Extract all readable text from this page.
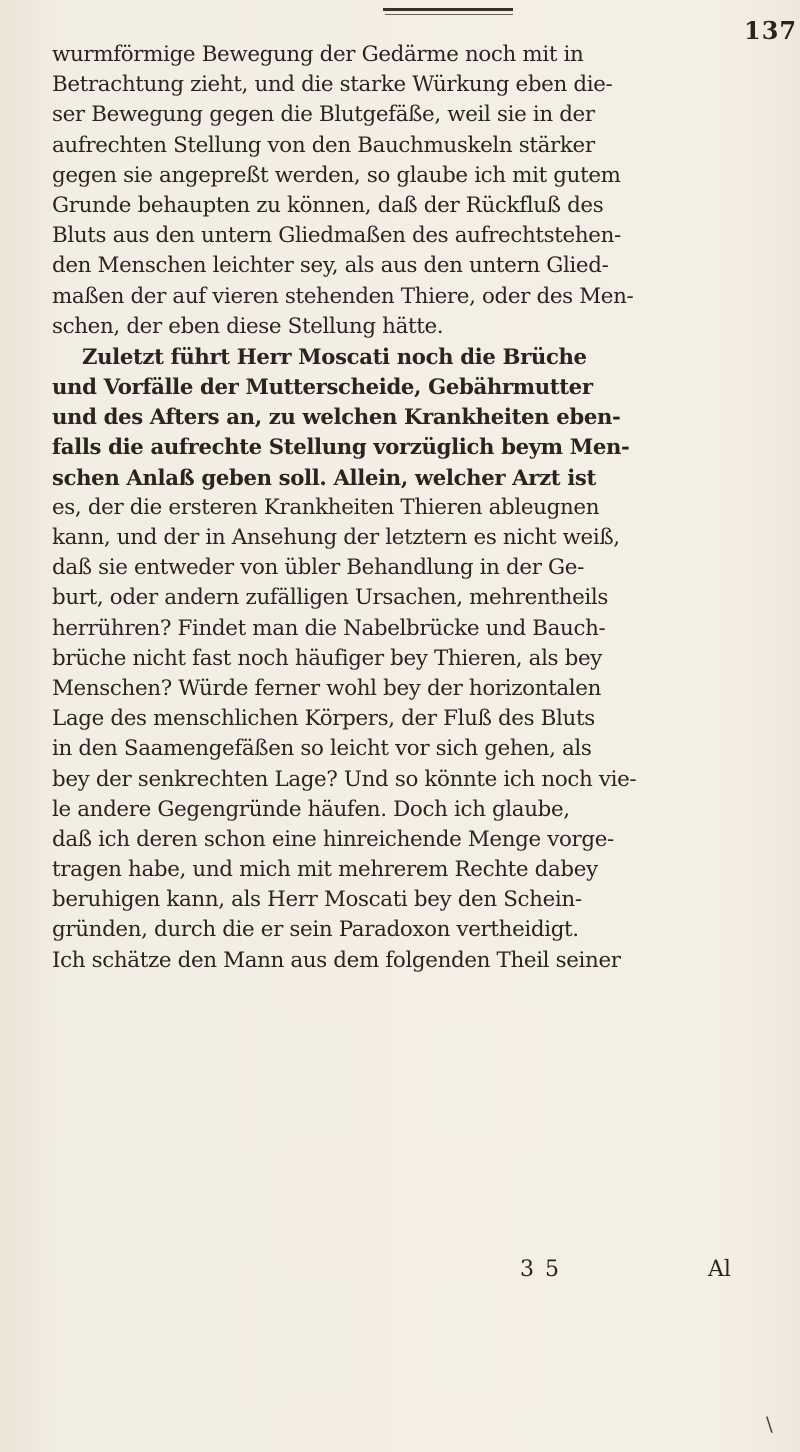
137
wurmförmige Bewegung der Gedärme noch mit in
Betrachtung zieht, und die starke Würkung eben die-
ser Bewegung gegen die Blutgefäße, weil sie in der
aufrechten Stellung von den Bauchmuskeln stärker
gegen sie angepreßt werden, so glaube ich mit gutem
Grunde behaupten zu können, daß der Rückfluß des
Bluts aus den untern Gliedmaßen des aufrechtstehen-
den Menschen leichter sey, als aus den untern Glied-
maßen der auf vieren stehenden Thiere, oder des Men-
schen, der eben diese Stellung hätte.
Zuletzt führt Herr Moscati noch die Brüche
und Vorfälle der Mutterscheide, Gebährmutter
und des Afters an, zu welchen Krankheiten eben-
falls die aufrechte Stellung vorzüglich beym Men-
schen Anlaß geben soll. Allein, welcher Arzt ist
es, der die ersteren Krankheiten Thieren ableugnen
kann, und der in Ansehung der letztern es nicht weiß,
daß sie entweder von übler Behandlung in der Ge-
burt, oder andern zufälligen Ursachen, mehrentheils
herrühren? Findet man die Nabelbrücke und Bauch-
brüche nicht fast noch häufiger bey Thieren, als bey
Menschen? Würde ferner wohl bey der horizontalen
Lage des menschlichen Körpers, der Fluß des Bluts
in den Saamengefäßen so leicht vor sich gehen, als
bey der senkrechten Lage? Und so könnte ich noch vie-
le andere Gegengründe häufen. Doch ich glaube,
daß ich deren schon eine hinreichende Menge vorge-
tragen habe, und mich mit mehrerem Rechte dabey
beruhigen kann, als Herr Moscati bey den Schein-
gründen, durch die er sein Paradoxon vertheidigt.
Ich schätze den Mann aus dem folgenden Theil seiner
3 5	Al
\
